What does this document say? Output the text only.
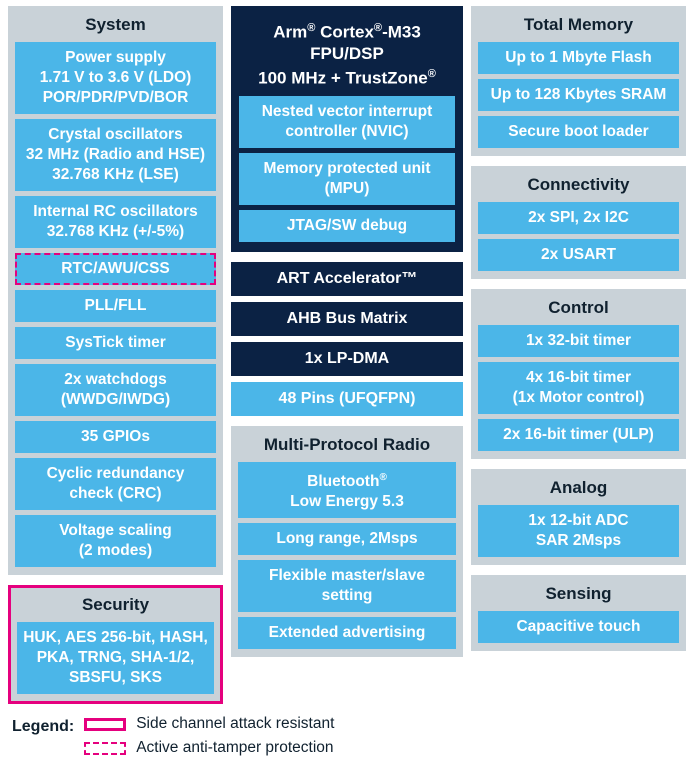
System
Power supply
1.71 V to 3.6 V (LDO)
POR/PDR/PVD/BOR
Crystal oscillators
32 MHz (Radio and HSE)
32.768 KHz (LSE)
Internal RC oscillators
32.768 KHz (+/-5%)
RTC/AWU/CSS
PLL/FLL
SysTick timer
2x watchdogs
(WWDG/IWDG)
35 GPIOs
Cyclic redundancy
check (CRC)
Voltage scaling
(2 modes)
Security
HUK, AES 256-bit, HASH,
PKA, TRNG, SHA-1/2,
SBSFU, SKS
Arm® Cortex®-M33
FPU/DSP
100 MHz + TrustZone®
Nested vector interrupt
controller (NVIC)
Memory protected unit
(MPU)
JTAG/SW debug
ART Accelerator™
AHB Bus Matrix
1x LP-DMA
48 Pins (UFQFPN)
Multi-Protocol Radio
Bluetooth®
Low Energy 5.3
Long range, 2Msps
Flexible master/slave
setting
Extended advertising
Total Memory
Up to 1 Mbyte Flash
Up to 128 Kbytes SRAM
Secure boot loader
Connectivity
2x SPI, 2x I2C
2x USART
Control
1x 32-bit timer
4x 16-bit timer
(1x Motor control)
2x 16-bit timer (ULP)
Analog
1x 12-bit ADC
SAR 2Msps
Sensing
Capacitive touch
Legend:	Side channel attack resistant
Active anti-tamper protection
